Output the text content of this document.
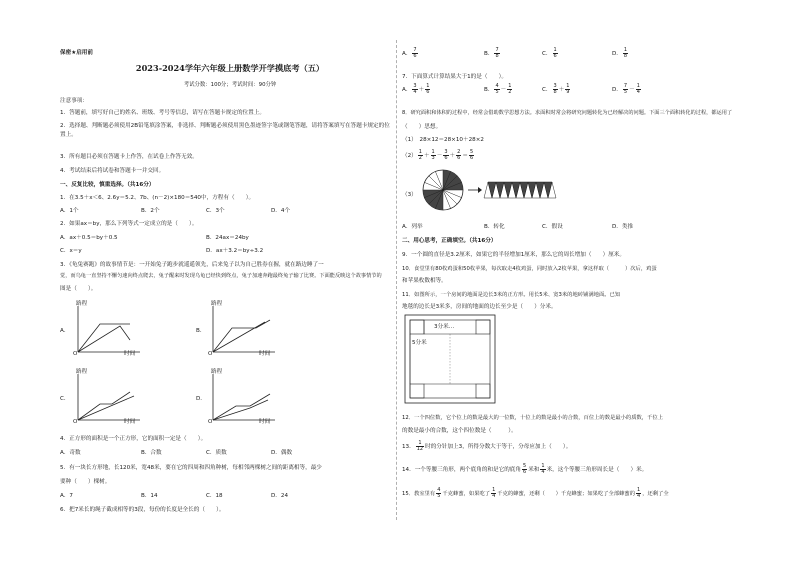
保密★启用前
2023-2024学年六年级上册数学开学摸底考（五）
考试分数：100分；考试时间：90分钟
注意事项：
1．答题前，填写好自己的姓名、班级、考号等信息，请写在答题卡规定的位置上。
2．选择题、判断题必须使用2B铅笔填涂答案，非选择、判断题必须使用黑色墨迹签字笔或钢笔答题，请将答案填写在答题卡规定的位置上。
3．所有题目必须在答题卡上作答，在试卷上作答无效。
4．考试结束后将试卷和答题卡一并交回。
一、反复比较，慎重选择。（共16分）
1．在3.5＋x＜6、2.6y＝5.2、7b、(n－2)×180＝540中，方程有（　　）。
A．1个	B．2个	C．3个	D．4个
2．如果ax＝by，那么下列等式一定成立的是（　　）。
A．ax＋0.5＝by＋0.5	B．24ax＝24by
C．x＝y	D．ax＋3.2＝by÷3.2
3．《龟兔赛跑》的故事情节是：一开始兔子跑步就遥遥领先，后来兔子以为自己胜券在握，就在路边睡了一
觉，而乌龟一直坚持不懈匀速向终点爬去，兔子醒来时发现乌龟已经快到终点，兔子加速奔跑最终兔子输了比赛。下面能反映这个故事情节的
图是（　　）。
A．	B．
C．	D．
路程	路程
路程	路程
时间	时间
时间	时间
O	O
O	O
4．正方形的面积是一个正方形，它的面积一定是（　　）。
A．奇数	B．合数	C．质数	D．偶数
5．有一块长方形地，长120米，宽48米，要在它的四周和四角种树，每相邻两棵树之间的距离相等，最少
要种（　　）棵树。
A．7	B．14	C．18	D．24
6．把7米长的绳子截成相等的3段，每份的长度是全长的（　　）。
A． $\frac{7}{6}$	B． $\frac{7}{8}$	C． $\frac{1}{6}$	D． $\frac{1}{8}$
7．下面算式计算结果大于1的是（　　）。
A． $\frac{3}{4} + \frac{1}{6}$	B． $\frac{4}{5} - \frac{1}{2}$	C． $\frac{3}{8} + \frac{1}{9}$	D． $\frac{7}{5} - \frac{1}{4}$
8．研究面积和体积的过程中，经常会借助数学思想方法。求面积时常会将研究问题转化为已经解决的问题。下面三个面积转化的过程，都运用了
（　　）思想。
（1）　28×12＝28×10＋28×2
$(2) \frac{1}{2} + \frac{1}{3} - \frac{3}{6} + \frac{2}{6} = \frac{5}{6}$
（3）
A．列举	B．转化	C．假设	D．类推
二、用心思考，正确填空。（共16分）
9．一个圆的直径是3.2厘米，如果它的半径增加1厘米，那么它的周长增加（　　）厘米。
10．食堂里有80枚鸡蛋和50枚苹果，每次取走4枚鸡蛋，同时放入2枚苹果，拿这样取（　　　）次后，鸡蛋
和苹果枚数相等。
11．如图所示，一个房间的地面是边长3米的正方形。用长5米、宽3米的地砖铺满地面。已知
地毯的边长是3米多，房间的地面的边长至少是（　　）分米。
3分米…
5分米
12．一个四位数，它个位上的数是最大的一位数，十位上的数是最小的合数，百位上的数是最小的质数，千位上
的数是最小的合数，这个四位数是（　　　）。
13． $\frac{1}{12}$ 时的分针加上3，所得分数大于等于，分母应加上（　　）。
14．一个等腰三角形，两个底角的和是它的底角 $\frac{5}{6}$ 米和 $\frac{1}{4}$ 米，这个等腰三角形周长是（　　）米。
15．教室里有 $\frac{4}{5}$ 千克蜂蜜，如果吃了 $\frac{1}{4}$ 千克的蜂蜜，还剩（　　）千克蜂蜜；如果吃了全部蜂蜜的 $\frac{1}{4}$ ，还剩了全
